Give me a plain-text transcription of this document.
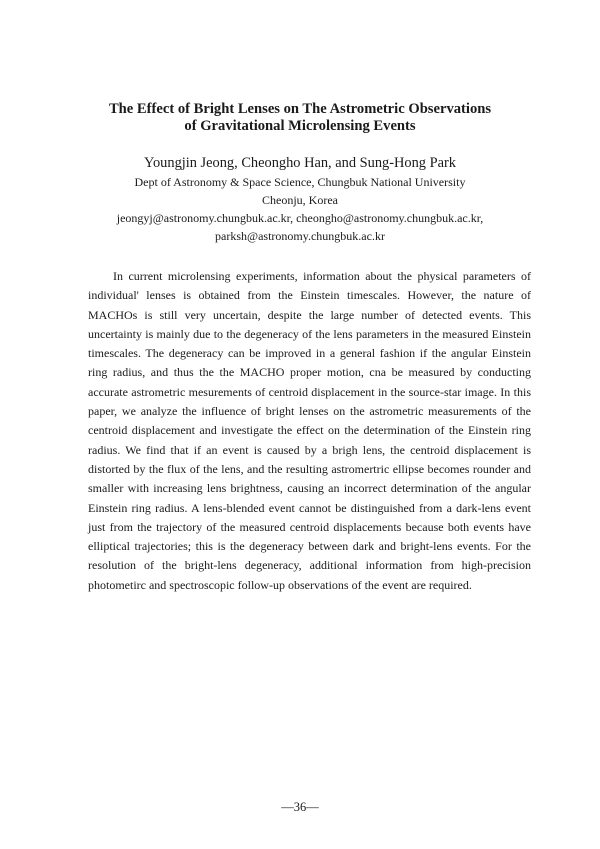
The Effect of Bright Lenses on The Astrometric Observations
of Gravitational Microlensing Events
Youngjin Jeong, Cheongho Han, and Sung-Hong Park
Dept of Astronomy & Space Science, Chungbuk National University
Cheonju, Korea
jeongyj@astronomy.chungbuk.ac.kr, cheongho@astronomy.chungbuk.ac.kr,
parksh@astronomy.chungbuk.ac.kr

In current microlensing experiments, information about the physical parameters of individual' lenses is obtained from the Einstein timescales. However, the nature of MACHOs is still very uncertain, despite the large number of detected events. This uncertainty is mainly due to the degeneracy of the lens parameters in the measured Einstein timescales. The degeneracy can be improved in a general fashion if the angular Einstein ring radius, and thus the the MACHO proper motion, cna be measured by conducting accurate astrometric mesurements of centroid displacement in the source-star image. In this paper, we analyze the influence of bright lenses on the astrometric measurements of the centroid displacement and investigate the effect on the determination of the Einstein ring radius. We find that if an event is caused by a brigh lens, the centroid displacement is distorted by the flux of the lens, and the resulting astromertric ellipse becomes rounder and smaller with increasing lens brightness, causing an incorrect determination of the angular Einstein ring radius. A lens-blended event cannot be distinguished from a dark-lens event just from the trajectory of the measured centroid displacements because both events have elliptical trajectories; this is the degeneracy between dark and bright-lens events. For the resolution of the bright-lens degeneracy, additional information from high-precision photometirc and spectroscopic follow-up observations of the event are required.

—36—
